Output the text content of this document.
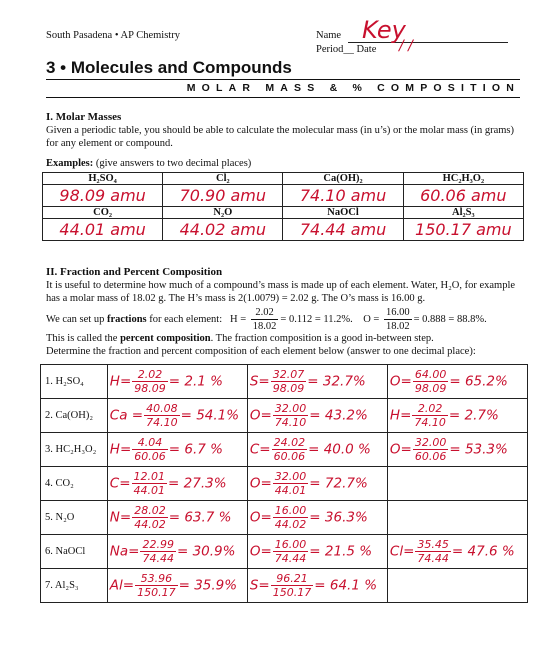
South Pasadena • AP Chemistry	Name Key
Period__ Date / /
3 • Molecules and Compounds
MOLAR MASS & % COMPOSITION
I. Molar Masses
Given a periodic table, you should be able to calculate the molecular mass (in u’s) or the molar mass (in grams) for any element or compound.
Examples: (give answers to two decimal places)
H₂SO₄	Cl₂	Ca(OH)₂	HC₂H₃O₂
98.09 amu	70.90 amu	74.10 amu	60.06 amu
CO₂	N₂O	NaOCl	Al₂S₃
44.01 amu	44.02 amu	74.44 amu	150.17 amu
II. Fraction and Percent Composition
It is useful to determine how much of a compound’s mass is made up of each element. Water, H₂O, for example has a molar mass of 18.02 g. The H’s mass is 2(1.0079) = 2.02 g. The O’s mass is 16.00 g.
We can set up fractions for each element: $H = \frac{2.02}{18.02} = 0.112 = 11.2\%$. $O = \frac{16.00}{18.02} = 0.888 = 88.8\%$.
This is called the percent composition. The fraction composition is a good in-between step.
Determine the fraction and percent composition of each element below (answer to one decimal place):
1. H₂SO₄	$H= \frac{2.02}{98.09} = 2.1$ %	$S= \frac{32.07}{98.09} = 32.7\%$	$O= \frac{64.00}{98.09} = 65.2\%$
2. Ca(OH)₂	$Ca = \frac{40.08}{74.10} = 54.1\%$	$O= \frac{32.00}{74.10} = 43.2\%$	$H= \frac{2.02}{74.10} = 2.7\%$
3. HC₂H₃O₂	$H= \frac{4.04}{60.06} = 6.7$ %	$C= \frac{24.02}{60.06} = 40.0$ %	$O= \frac{32.00}{60.06} = 53.3\%$
4. CO₂	$C= \frac{12.01}{44.01} = 27.3\%$	$O= \frac{32.00}{44.01} = 72.7\%$	
5. N₂O	$N= \frac{28.02}{44.02} = 63.7$ %	$O= \frac{16.00}{44.02} = 36.3\%$	
6. NaOCl	$Na= \frac{22.99}{74.44} = 30.9\%$	$O= \frac{16.00}{74.44} = 21.5$ %	$Cl= \frac{35.45}{74.44} = 47.6$ %
7. Al₂S₃	$Al= \frac{53.96}{150.17} = 35.9\%$	$S= \frac{96.21}{150.17} = 64.1$ %	
